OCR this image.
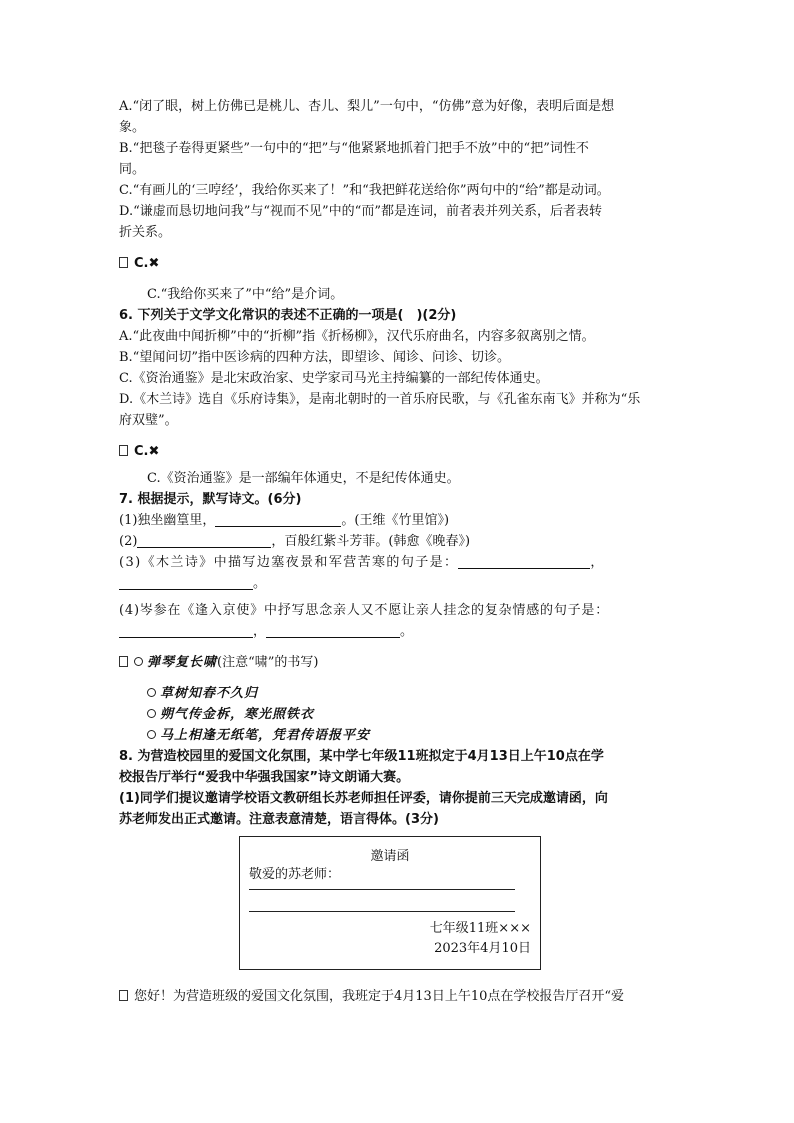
A.“闭了眼，树上仿佛已是桃儿、杏儿、梨儿”一句中，“仿佛”意为好像，表明后面是想

象。

B.“把毯子卷得更紧些”一句中的“把”与“他紧紧地抓着门把手不放”中的“把”词性不

同。

C.“有画儿的‘三哼经’，我给你买来了！”和“我把鲜花送给你”两句中的“给”都是动词。

D.“谦虚而恳切地问我”与“视而不见”中的“而”都是连词，前者表并列关系，后者表转

折关系。

C.✖

C.“我给你买来了”中“给”是介词。

6. 下列关于文学文化常识的表述不正确的一项是(　)(2分)

A.“此夜曲中闻折柳”中的“折柳”指《折杨柳》，汉代乐府曲名，内容多叙离别之情。

B.“望闻问切”指中医诊病的四种方法，即望诊、闻诊、问诊、切诊。

C.《资治通鉴》是北宋政治家、史学家司马光主持编纂的一部纪传体通史。

D.《木兰诗》选自《乐府诗集》，是南北朝时的一首乐府民歌，与《孔雀东南飞》并称为“乐

府双璧”。

C.✖

C.《资治通鉴》是一部编年体通史，不是纪传体通史。

7. 根据提示，默写诗文。(6分)

(1)独坐幽篁里，	。(王维《竹里馆》)

(2)	，百般红紫斗芳菲。(韩愈《晚春》)

(3)《木兰诗》中描写边塞夜景和军营苦寒的句子是：	，

。

(4)岑参在《逢入京使》中抒写思念亲人又不愿让亲人挂念的复杂情感的句子是：

，	。

弹琴复长啸(注意“啸”的书写)

草树知春不久归

朔气传金柝，寒光照铁衣

马上相逢无纸笔，凭君传语报平安

8. 为营造校园里的爱国文化氛围，某中学七年级11班拟定于4月13日上午10点在学

校报告厅举行“爱我中华强我国家”诗文朗诵大赛。

(1)同学们提议邀请学校语文教研组长苏老师担任评委，请你提前三天完成邀请函，向

苏老师发出正式邀请。注意表意清楚，语言得体。(3分)

邀请函
敬爱的苏老师：
七年级11班×××
2023年4月10日

您好！为营造班级的爱国文化氛围，我班定于4月13日上午10点在学校报告厅召开“爱
